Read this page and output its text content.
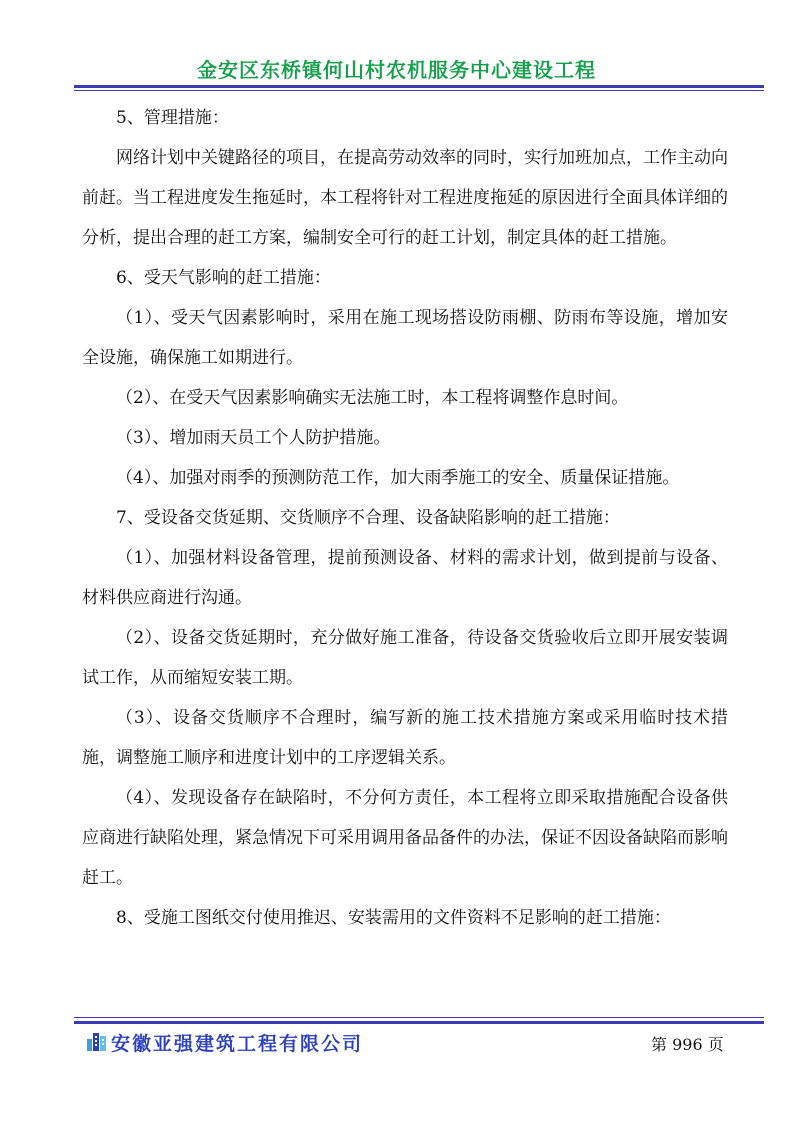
金安区东桥镇何山村农机服务中心建设工程

5、管理措施：

网络计划中关键路径的项目，在提高劳动效率的同时，实行加班加点，工作主动向前赶。当工程进度发生拖延时，本工程将针对工程进度拖延的原因进行全面具体详细的分析，提出合理的赶工方案，编制安全可行的赶工计划，制定具体的赶工措施。

6、受天气影响的赶工措施：

（1）、受天气因素影响时，采用在施工现场搭设防雨棚、防雨布等设施，增加安全设施，确保施工如期进行。

（2）、在受天气因素影响确实无法施工时，本工程将调整作息时间。

（3）、增加雨天员工个人防护措施。

（4）、加强对雨季的预测防范工作，加大雨季施工的安全、质量保证措施。

7、受设备交货延期、交货顺序不合理、设备缺陷影响的赶工措施：

（1）、加强材料设备管理，提前预测设备、材料的需求计划，做到提前与设备、材料供应商进行沟通。

（2）、设备交货延期时，充分做好施工准备，待设备交货验收后立即开展安装调试工作，从而缩短安装工期。

（3）、设备交货顺序不合理时，编写新的施工技术措施方案或采用临时技术措施，调整施工顺序和进度计划中的工序逻辑关系。

（4）、发现设备存在缺陷时，不分何方责任，本工程将立即采取措施配合设备供应商进行缺陷处理，紧急情况下可采用调用备品备件的办法，保证不因设备缺陷而影响赶工。

8、受施工图纸交付使用推迟、安装需用的文件资料不足影响的赶工措施：

安徽亚强建筑工程有限公司	第 996 页
